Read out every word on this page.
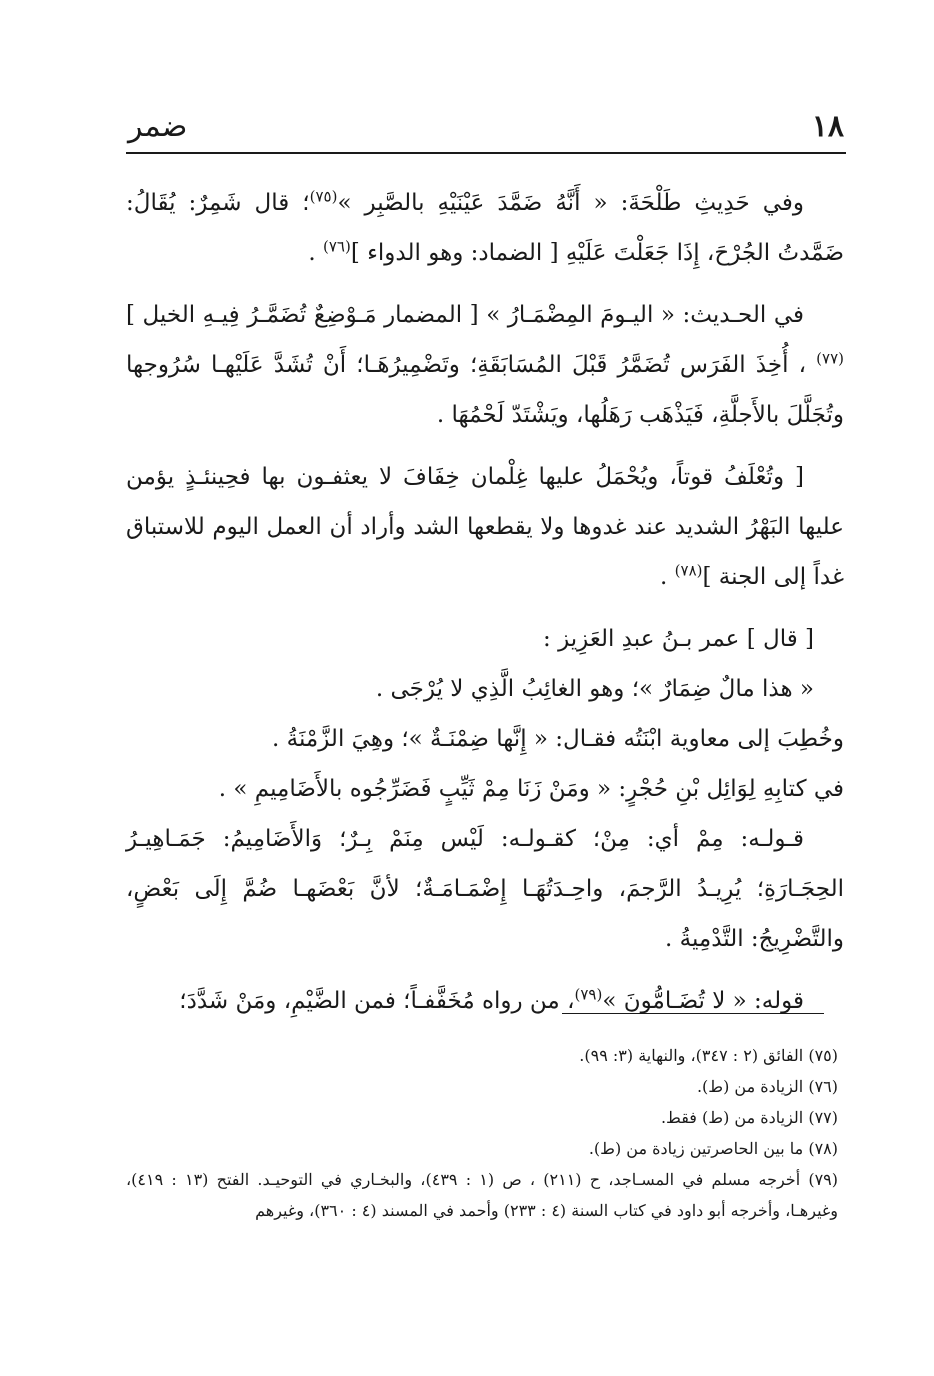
١٨
ضمر

وفي حَدِيثِ طَلْحَةَ: « أَنَّهُ ضَمَّدَ عَيْنَيْهِ بالصَّبِر »$^{(٧٥)}$؛ قال شَمِرٌ: يُقَالُ: ضَمَّدتُ الجُرْحَ، إِذَا جَعَلْتَ عَلَيْهِ [ الضماد: وهو الدواء ]$^{(٧٦)}$ .

في الحـديث: « اليـومَ المِضْمَـارُ » [ المضمار مَـوْضِعٌ تُضَمَّـرُ فِيـهِ الخيل ]$^{(٧٧)}$ ، أُخِذَ الفَرَس تُضَمَّرُ قَبْلَ المُسَابَقَةِ؛ وتَضْمِيرُهَـا؛ أَنْ تُشَدَّ عَلَيْهـا سُرُوجها وتُجَلَّلَ بالأَجلَّةِ، فَيَذْهَب رَهَلُها، ويَشْتَدّ لَحْمُهَا .

[ وتُعْلَفُ قوتاً، ويُحْمَلُ عليها غِلْمان خِفَافَ لا يعثفـون بها فحِينئـذٍ يؤمن عليها البَهْرُ الشديد عند غدوها ولا يقطعها الشد وأراد أن العمل اليوم للاستباق غداً إلى الجنة ]$^{(٧٨)}$ .

[ قال ] عمر بـنُ عبدِ العَزِيز :

« هذا مالٌ ضِمَارٌ »؛ وهو الغائِبُ الَّذِي لا يُرْجَى .

وخُطِبَ إلى معاوية ابْنَتُه فقـال: « إِنَّها ضِمْنَـةٌ »؛ وهِيَ الزَّمْنَةُ .

في كتابِهِ لِوَائِل بْنِ حُجْرٍ: « ومَنْ زَنَا مِمْ ثَيِّبٍ فَضَرِّجُوه بالأَضَامِيمِ » .

قـولـه: مِمْ أي: مِنْ؛ كقـولـه: لَيْس مِنَمْ بِـرٌ؛ وَالأَضَامِيمُ: جَمَـاهِيـرُ الحِجَـارَةِ؛ يُرِيـدُ الرَّجمَ، واحِـدَتُهَـا إِضْمَـامَـةٌ؛ لأنَّ بَعْضَهـا ضُمَّ إِلَى بَعْضٍ، والتَّضْرِيجُ: التَّدْمِيةُ .

قوله: « لا تُضَـامُّونَ »$^{(٧٩)}$، من رواه مُخَفَّفـاً؛ فمن الضَّيْمِ، ومَنْ شَدَّدَ؛

(٧٥) الفائق (٢ : ٣٤٧)، والنهاية (٣: ٩٩).

(٧٦) الزيادة من (ط).

(٧٧) الزيادة من (ط) فقط.

(٧٨) ما بين الحاصرتين زيادة من (ط).

(٧٩) أخرجه مسلم في المسـاجد، ح (٢١١) ، ص (١ : ٤٣٩)، والبخـاري في التوحيـد. الفتح (١٣ : ٤١٩)، وغيرهـا، وأخرجه أبو داود في كتاب السنة (٤ : ٢٣٣) وأحمد في المسند (٤ : ٣٦٠)، وغيرهم
